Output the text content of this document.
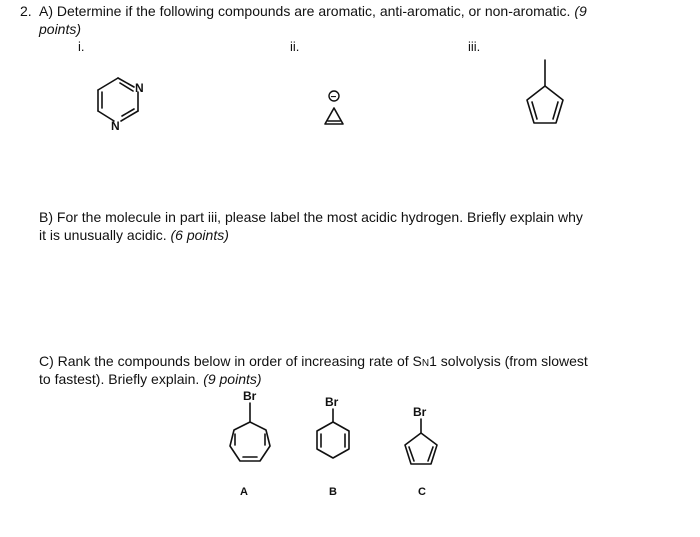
2. A) Determine if the following compounds are aromatic, anti-aromatic, or non-aromatic. (9
points)
i.	ii.	iii.
N
N
−
B) For the molecule in part iii, please label the most acidic hydrogen. Briefly explain why
it is unusually acidic. (6 points)
C) Rank the compounds below in order of increasing rate of SN1 solvolysis (from slowest
to fastest). Briefly explain. (9 points)
Br	Br
Br
A	B	C
